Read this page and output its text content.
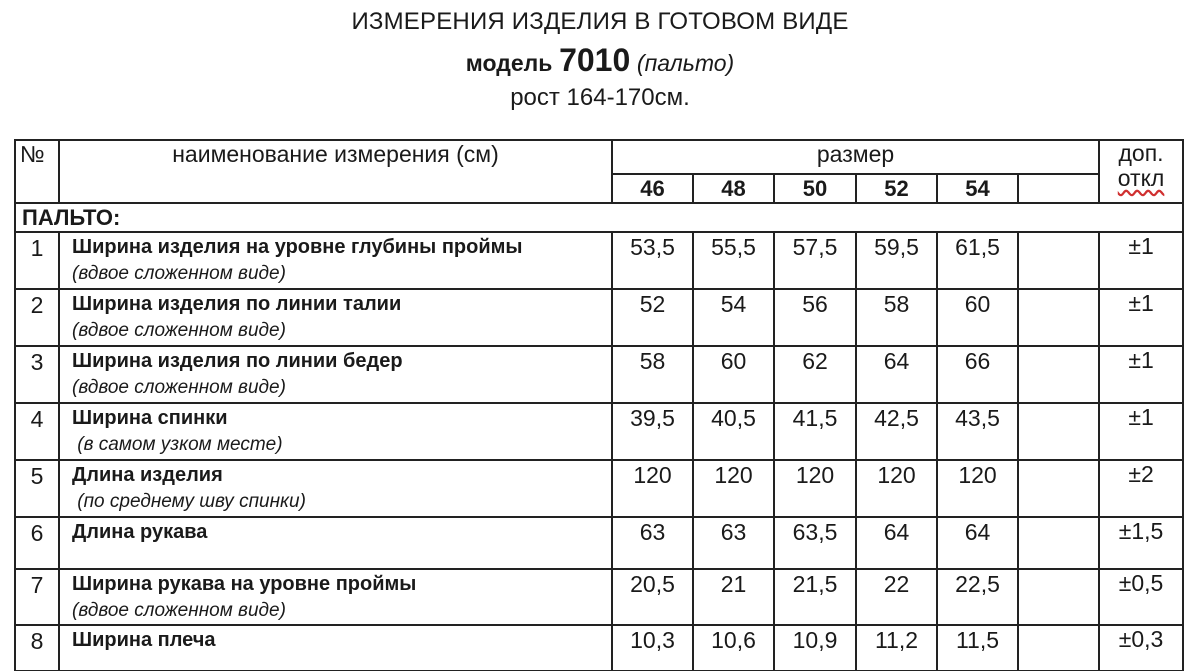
ИЗМЕРЕНИЯ ИЗДЕЛИЯ В ГОТОВОМ ВИДЕ
модель 7010 (пальто)
рост 164-170см.
№	наименование измерения (см)	размер						доп.
откл
		46	48	50	52	54		
ПАЛЬТО:								
1	Ширина изделия на уровне глубины проймы
(вдвое сложенном виде)	53,5	55,5	57,5	59,5	61,5		±1
2	Ширина изделия по линии талии
(вдвое сложенном виде)	52	54	56	58	60		±1
3	Ширина изделия по линии бедер
(вдвое сложенном виде)	58	60	62	64	66		±1
4	Ширина спинки
(в самом узком месте)	39,5	40,5	41,5	42,5	43,5		±1
5	Длина изделия
(по среднему шву спинки)	120	120	120	120	120		±2
6	Длина рукава	63	63	63,5	64	64		±1,5
7	Ширина рукава на уровне проймы
(вдвое сложенном виде)	20,5	21	21,5	22	22,5		±0,5
8	Ширина плеча	10,3	10,6	10,9	11,2	11,5		±0,3
